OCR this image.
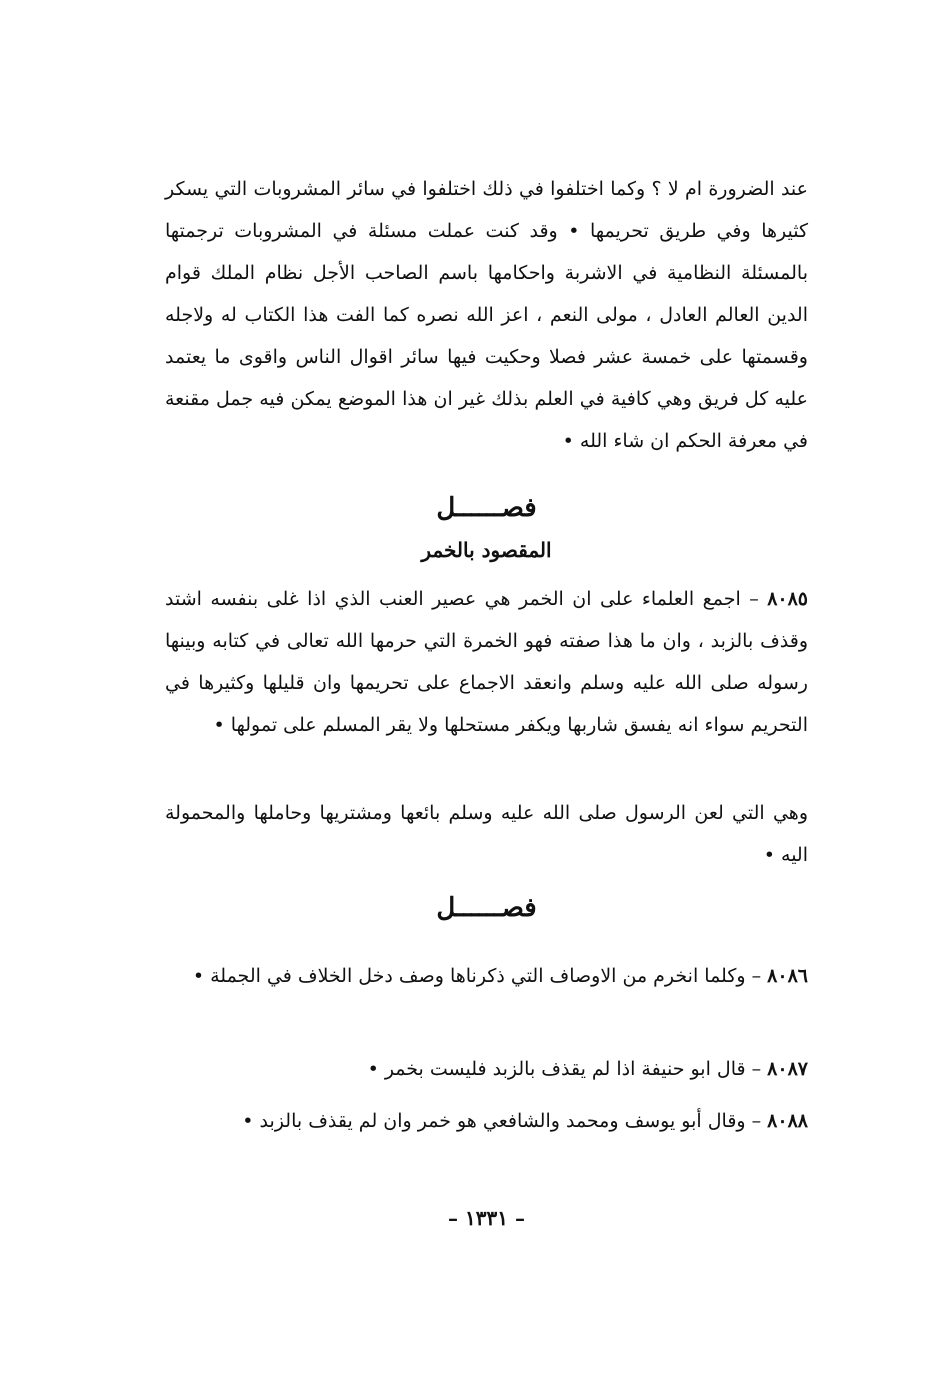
عند الضرورة ام لا ؟ وكما اختلفوا في ذلك اختلفوا في سائر المشروبات التي يسكر كثيرها وفي طريق تحريمها • وقد كنت عملت مسئلة في المشروبات ترجمتها بالمسئلة النظامية في الاشربة واحكامها باسم الصاحب الأجل نظام الملك قوام الدين العالم العادل ، مولى النعم ، اعز الله نصره كما الفت هذا الكتاب له ولاجله وقسمتها على خمسة عشر فصلا وحكيت فيها سائر اقوال الناس واقوى ما يعتمد عليه كل فريق وهي كافية في العلم بذلك غير ان هذا الموضع يمكن فيه جمل مقنعة في معرفة الحكم ان شاء الله •

فصــــــل
المقصود بالخمر

٨٠٨٥ – اجمع العلماء على ان الخمر هي عصير العنب الذي اذا غلى بنفسه اشتد وقذف بالزبد ، وان ما هذا صفته فهو الخمرة التي حرمها الله تعالى في كتابه وبينها رسوله صلى الله عليه وسلم وانعقد الاجماع على تحريمها وان قليلها وكثيرها في التحريم سواء انه يفسق شاربها ويكفر مستحلها ولا يقر المسلم على تمولها •

وهي التي لعن الرسول صلى الله عليه وسلم بائعها ومشتريها وحاملها والمحمولة اليه •

فصــــــل

٨٠٨٦ – وكلما انخرم من الاوصاف التي ذكرناها وصف دخل الخلاف في الجملة •

٨٠٨٧ – قال ابو حنيفة اذا لم يقذف بالزبد فليست بخمر •

٨٠٨٨ – وقال أبو يوسف ومحمد والشافعي هو خمر وان لم يقذف بالزبد •

– ١٣٣١ –
